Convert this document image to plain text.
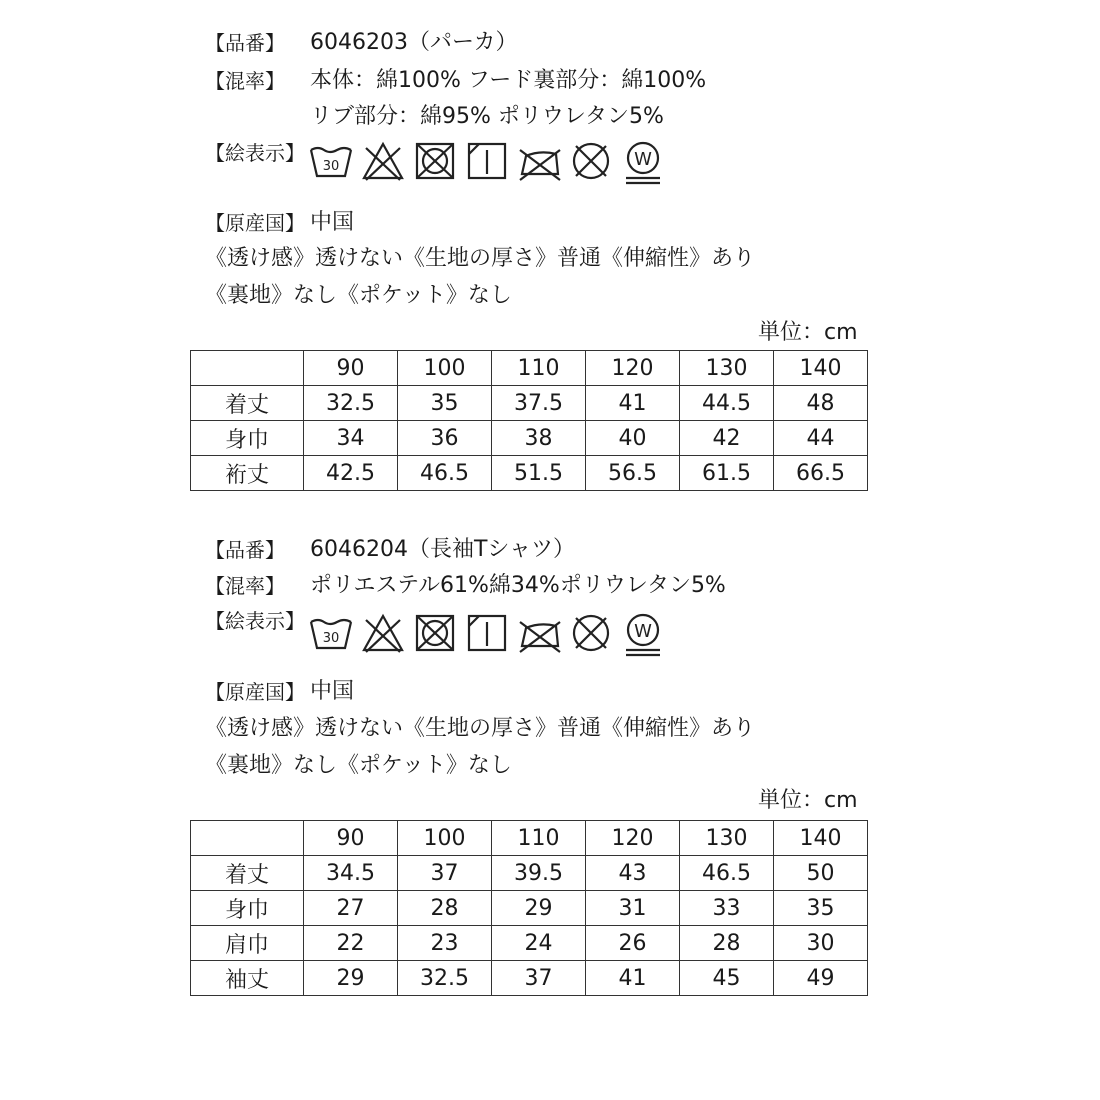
【品番】 6046203（パーカ）
【混率】 本体：綿100% フード裏部分：綿100%
リブ部分：綿95% ポリウレタン5%
【絵表示】
30	W
【原産国】 中国
《透け感》透けない《生地の厚さ》普通《伸縮性》あり
《裏地》なし《ポケット》なし
単位：cm
	90	100	110	120	130	140
着丈	32.5	35	37.5	41	44.5	48
身巾	34	36	38	40	42	44
裄丈	42.5	46.5	51.5	56.5	61.5	66.5
【品番】 6046204（長袖Tシャツ）
【混率】 ポリエステル61%綿34%ポリウレタン5%
【絵表示】
30	W
【原産国】 中国
《透け感》透けない《生地の厚さ》普通《伸縮性》あり
《裏地》なし《ポケット》なし
単位：cm
	90	100	110	120	130	140
着丈	34.5	37	39.5	43	46.5	50
身巾	27	28	29	31	33	35
肩巾	22	23	24	26	28	30
袖丈	29	32.5	37	41	45	49
